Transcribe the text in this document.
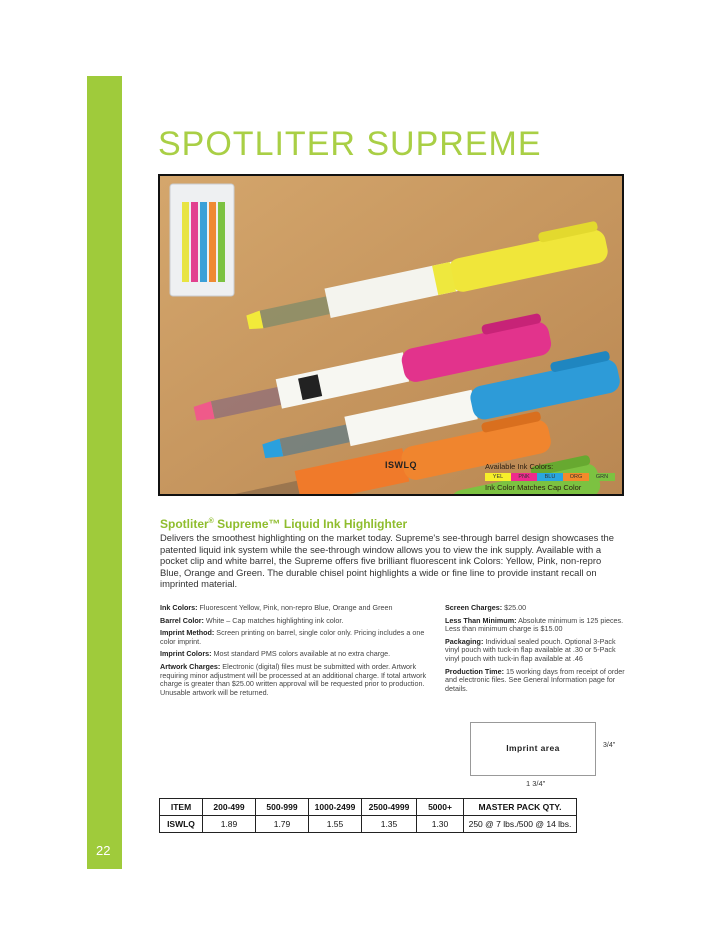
22
SPOTLITER SUPREME
ISWLQ	Available Ink Colors:
YEL	PNK	BLU	ORG	GRN
Ink Color Matches Cap Color
Spotliter® Supreme™ Liquid Ink Highlighter
Delivers the smoothest highlighting on the market today. Supreme's see-through barrel design showcases the patented liquid ink system while the see-through window allows you to view the ink supply. Available with a pocket clip and white barrel, the Supreme offers five brilliant fluorescent ink Colors: Yellow, Pink, non-repro Blue, Orange and Green. The durable chisel point highlights a wide or fine line to provide instant recall on imprinted material.
Ink Colors: Fluorescent Yellow, Pink, non-repro Blue, Orange and Green
Barrel Color: White – Cap matches highlighting ink color.
Imprint Method: Screen printing on barrel, single color only. Pricing includes a one color imprint.
Imprint Colors: Most standard PMS colors available at no extra charge.
Artwork Charges: Electronic (digital) files must be submitted with order. Artwork requiring minor adjustment will be processed at an additional charge. If total artwork charge is greater than $25.00 written approval will be requested prior to production. Unusable artwork will be returned.
Screen Charges: $25.00
Less Than Minimum: Absolute minimum is 125 pieces. Less than minimum charge is $15.00
Packaging: Individual sealed pouch. Optional 3-Pack vinyl pouch with tuck-in flap available at .30 or 5-Pack vinyl pouch with tuck-in flap available at .46
Production Time: 15 working days from receipt of order and electronic files. See General Information page for details.
Imprint area	3/4"
1 3/4"
ITEM	200-499	500-999	1000-2499	2500-4999	5000+	MASTER PACK QTY.
ISWLQ	1.89	1.79	1.55	1.35	1.30	250 @ 7 lbs./500 @ 14 lbs.
